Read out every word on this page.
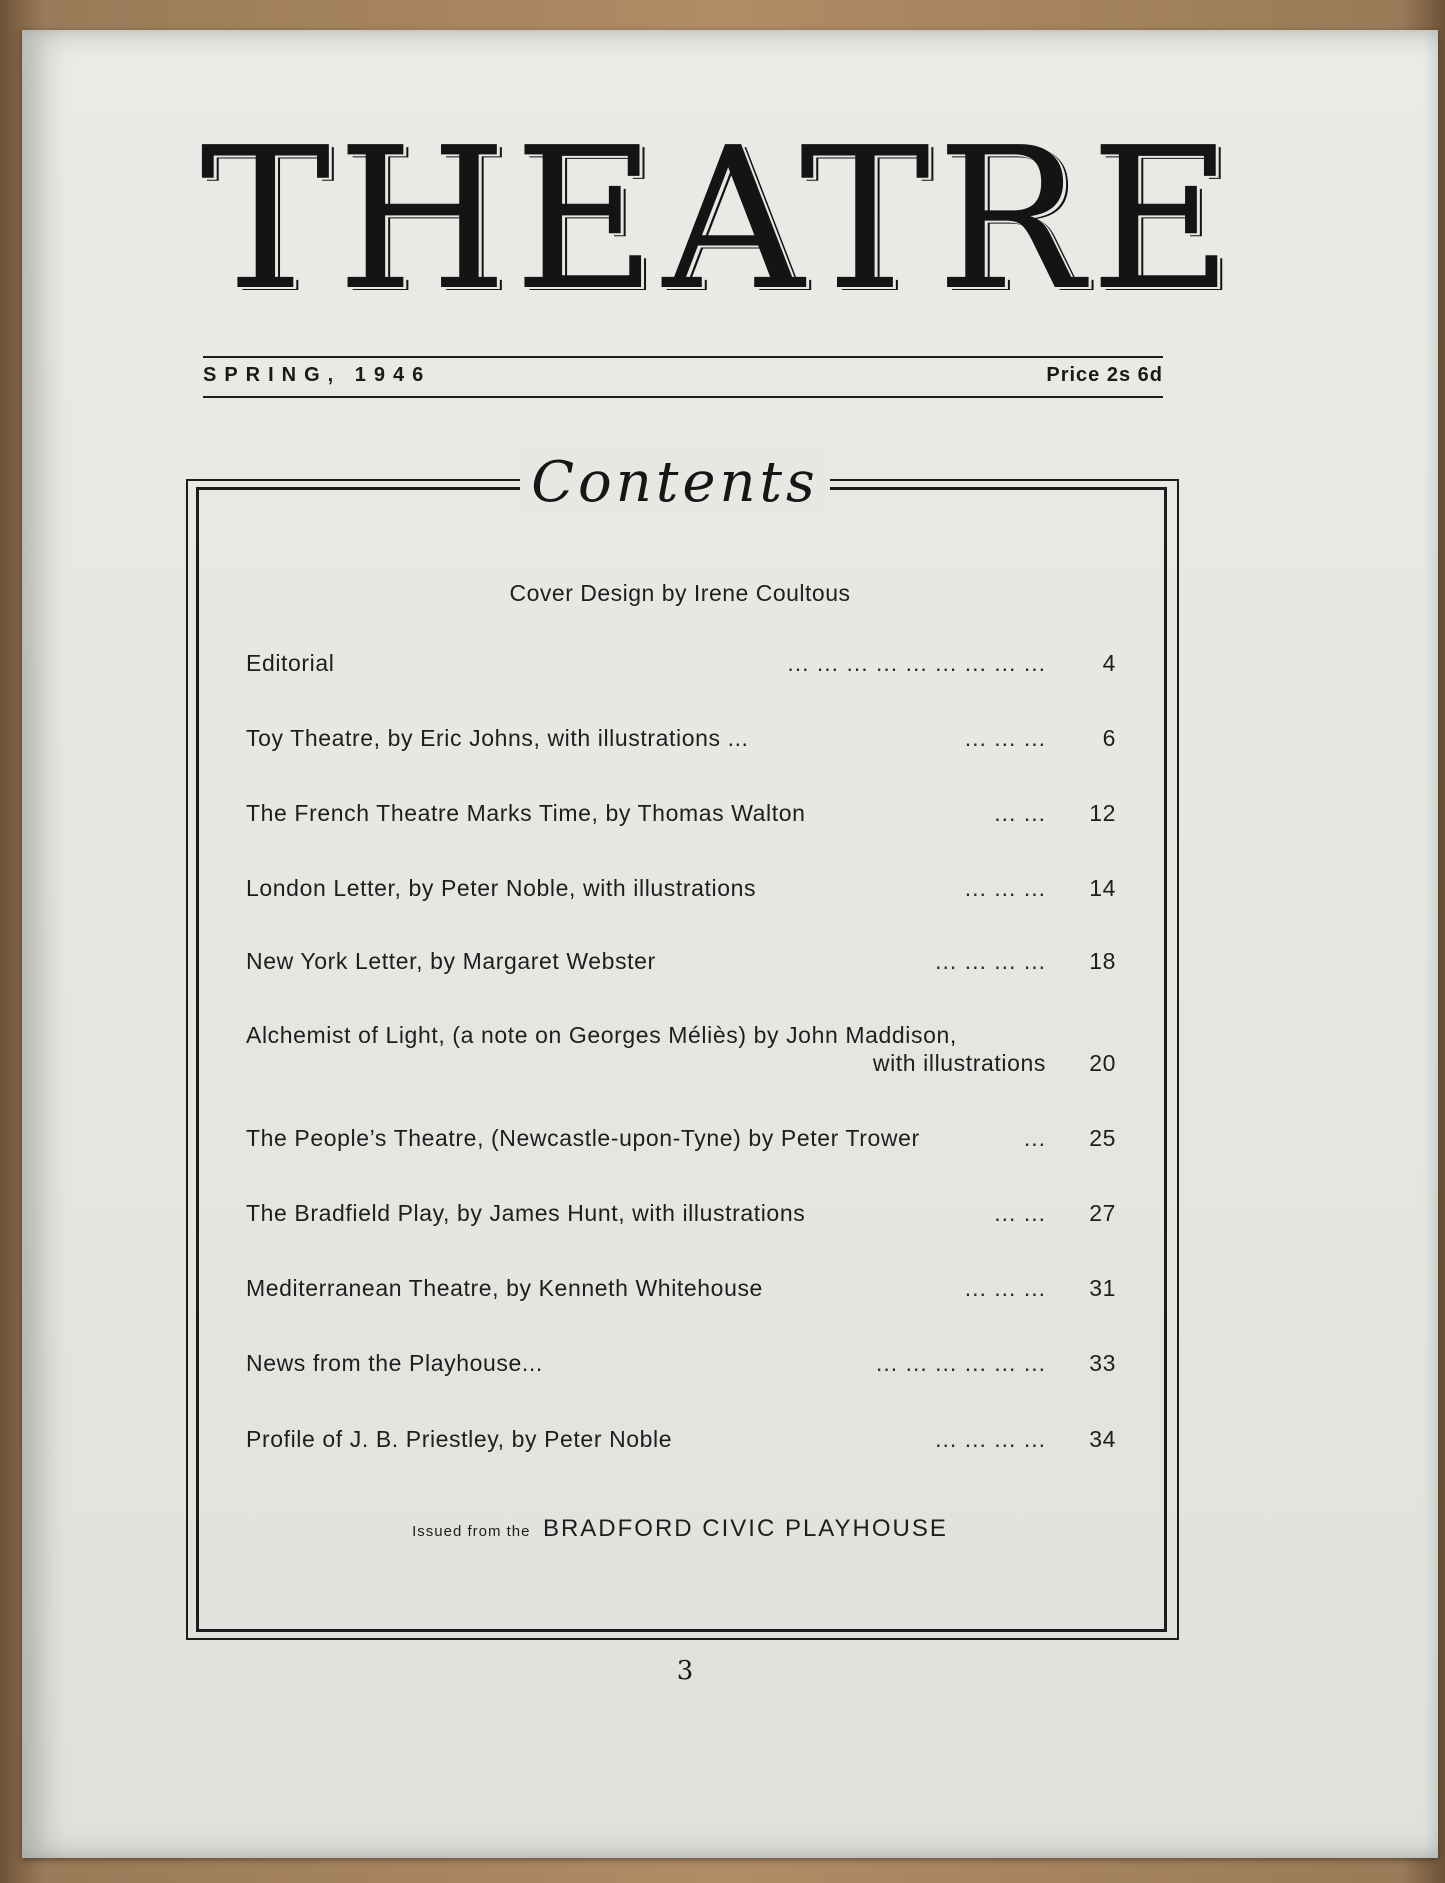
THEATRE
SPRING, 1946	Price 2s 6d
Contents
Cover Design by Irene Coultous
Editorial	... ... ... ... ... ... ... ... ...	4
Toy Theatre, by Eric Johns, with illustrations ...	... ... ...	6
The French Theatre Marks Time, by Thomas Walton	... ...	12
London Letter, by Peter Noble, with illustrations	... ... ...	14
New York Letter, by Margaret Webster	... ... ... ...	18
Alchemist of Light, (a note on Georges Méliès) by John Maddison,
with illustrations	20
The People’s Theatre, (Newcastle-upon-Tyne) by Peter Trower	...	25
The Bradfield Play, by James Hunt, with illustrations	... ...	27
Mediterranean Theatre, by Kenneth Whitehouse	... ... ...	31
News from the Playhouse...	... ... ... ... ... ...	33
Profile of J. B. Priestley, by Peter Noble	... ... ... ...	34
Issued from the BRADFORD CIVIC PLAYHOUSE
3
